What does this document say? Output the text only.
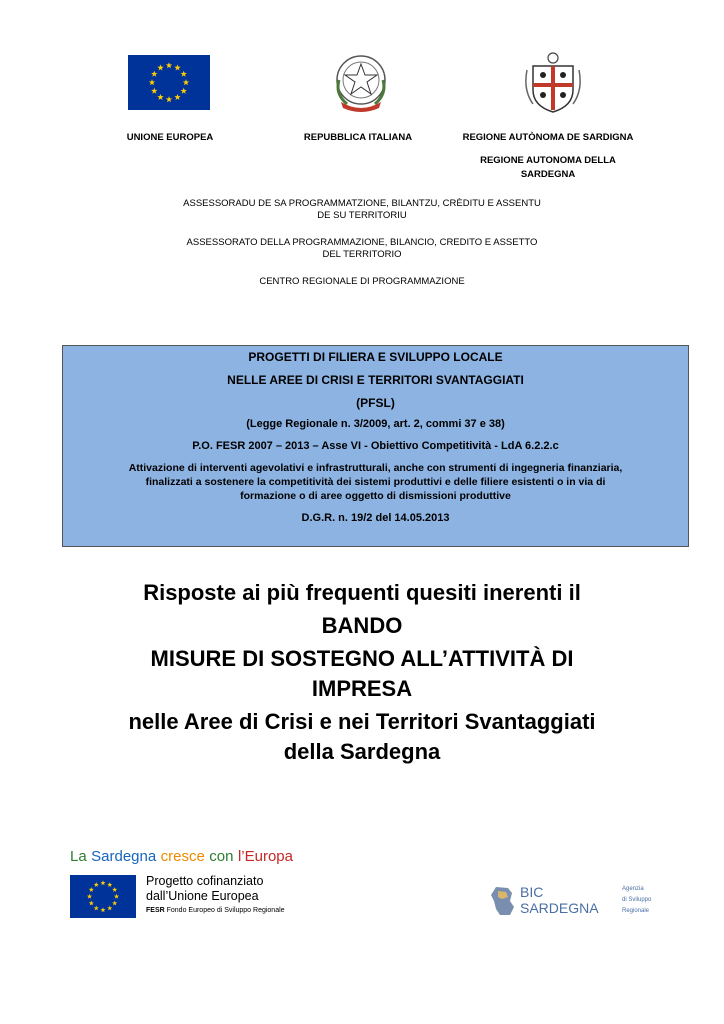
UNIONE EUROPEA	REPUBBLICA ITALIANA	REGIONE AUTÒNOMA DE SARDIGNA
REGIONE AUTONOMA DELLA
SARDEGNA
ASSESSORADU DE SA PROGRAMMATZIONE, BILANTZU, CRÈDITU E ASSENTU
DE SU TERRITORIU
ASSESSORATO DELLA PROGRAMMAZIONE, BILANCIO, CREDITO E ASSETTO
DEL TERRITORIO
CENTRO REGIONALE DI PROGRAMMAZIONE
PROGETTI DI FILIERA E SVILUPPO LOCALE
NELLE AREE DI CRISI E TERRITORI SVANTAGGIATI
(PFSL)
(Legge Regionale n. 3/2009, art. 2, commi 37 e 38)
P.O. FESR 2007 – 2013 – Asse VI - Obiettivo Competitività - LdA 6.2.2.c
Attivazione di interventi agevolativi e infrastrutturali, anche con strumenti di ingegneria finanziaria,
finalizzati a sostenere la competitività dei sistemi produttivi e delle filiere esistenti o in via di
formazione o di aree oggetto di dismissioni produttive
D.G.R. n. 19/2 del 14.05.2013
Risposte ai più frequenti quesiti inerenti il
BANDO
MISURE DI SOSTEGNO ALL’ATTIVITÀ DI
IMPRESA
nelle Aree di Crisi e nei Territori Svantaggiati
della Sardegna
La Sardegna cresce con l’Europa
Progetto cofinanziato
dall’Unione Europea
FESR Fondo Europeo di Sviluppo Regionale
BIC
SARDEGNA
Agenzia
di Sviluppo
Regionale
